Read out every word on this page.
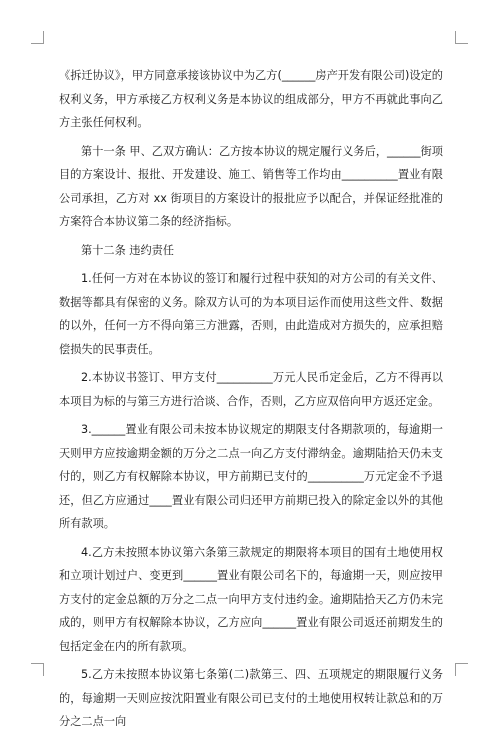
《拆迁协议》，甲方同意承接该协议中为乙方(______房产开发有限公司)设定的权利义务，甲方承接乙方权利义务是本协议的组成部分，甲方不再就此事向乙方主张任何权利。

第十一条 甲、乙双方确认：乙方按本协议的规定履行义务后，______街项目的方案设计、报批、开发建设、施工、销售等工作均由__________置业有限公司承担，乙方对 xx 街项目的方案设计的报批应予以配合，并保证经批准的方案符合本协议第二条的经济指标。

第十二条 违约责任

1.任何一方对在本协议的签订和履行过程中获知的对方公司的有关文件、数据等都具有保密的义务。除双方认可的为本项目运作而使用这些文件、数据的以外，任何一方不得向第三方泄露，否则，由此造成对方损失的，应承担赔偿损失的民事责任。

2.本协议书签订、甲方支付__________万元人民币定金后，乙方不得再以本项目为标的与第三方进行洽谈、合作，否则，乙方应双倍向甲方返还定金。

3.______置业有限公司未按本协议规定的期限支付各期款项的，每逾期一天则甲方应按逾期金额的万分之二点一向乙方支付滞纳金。逾期陆拾天仍未支付的，则乙方有权解除本协议，甲方前期已支付的__________万元定金不予退还，但乙方应通过____置业有限公司归还甲方前期已投入的除定金以外的其他所有款项。

4.乙方未按照本协议第六条第三款规定的期限将本项目的国有土地使用权和立项计划过户、变更到______置业有限公司名下的，每逾期一天，则应按甲方支付的定金总额的万分之二点一向甲方支付违约金。逾期陆拾天乙方仍未完成的，则甲方有权解除本协议，乙方应向______置业有限公司返还前期发生的包括定金在内的所有款项。

5.乙方未按照本协议第七条第(二)款第三、四、五项规定的期限履行义务的，每逾期一天则应按沈阳置业有限公司已支付的土地使用权转让款总和的万分之二点一向
